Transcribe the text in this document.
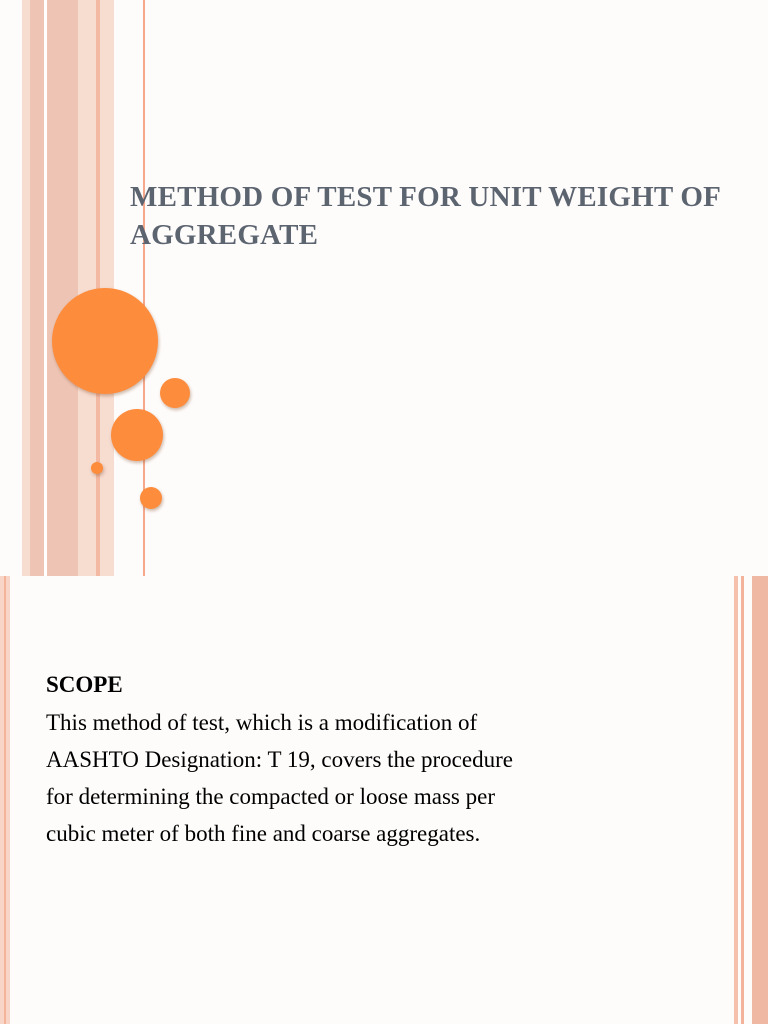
METHOD OF TEST FOR UNIT WEIGHT OF AGGREGATE

SCOPE

This method of test, which is a modification of AASHTO Designation: T 19, covers the procedure for determining the compacted or loose mass per cubic meter of both fine and coarse aggregates.
